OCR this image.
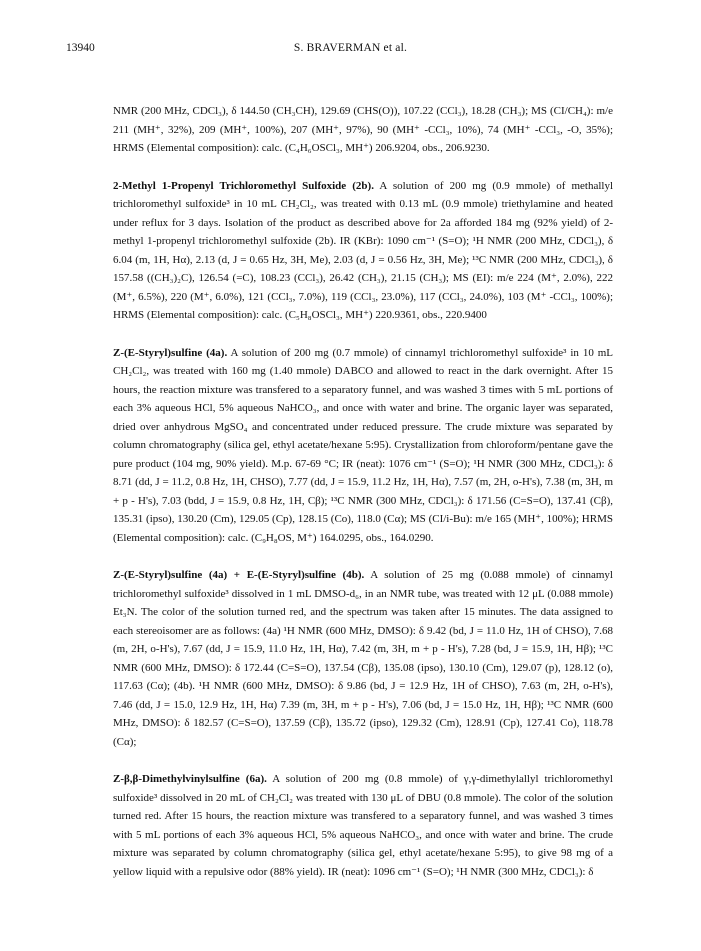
13940	S. BRAVERMAN et al.

NMR (200 MHz, CDCl₃), δ 144.50 (CH₃CH), 129.69 (CHS(O)), 107.22 (CCl₃), 18.28 (CH₃); MS (CI/CH₄): m/e 211 (MH⁺, 32%), 209 (MH⁺, 100%), 207 (MH⁺, 97%), 90 (MH⁺ -CCl₃, 10%), 74 (MH⁺ -CCl₃, -O, 35%); HRMS (Elemental composition): calc. (C₄H₆OSCl₃, MH⁺) 206.9204, obs., 206.9230.

2-Methyl 1-Propenyl Trichloromethyl Sulfoxide (2b). A solution of 200 mg (0.9 mmole) of methallyl trichloromethyl sulfoxide³ in 10 mL CH₂Cl₂, was treated with 0.13 mL (0.9 mmole) triethylamine and heated under reflux for 3 days. Isolation of the product as described above for 2a afforded 184 mg (92% yield) of 2-methyl 1-propenyl trichloromethyl sulfoxide (2b). IR (KBr): 1090 cm⁻¹ (S=O); ¹H NMR (200 MHz, CDCl₃), δ 6.04 (m, 1H, Hα), 2.13 (d, J = 0.65 Hz, 3H, Me), 2.03 (d, J = 0.56 Hz, 3H, Me); ¹³C NMR (200 MHz, CDCl₃), δ 157.58 ((CH₃)₂C), 126.54 (=C), 108.23 (CCl₃), 26.42 (CH₃), 21.15 (CH₃); MS (EI): m/e 224 (M⁺, 2.0%), 222 (M⁺, 6.5%), 220 (M⁺, 6.0%), 121 (CCl₃, 7.0%), 119 (CCl₃, 23.0%), 117 (CCl₃, 24.0%), 103 (M⁺ -CCl₃, 100%); HRMS (Elemental composition): calc. (C₅H₈OSCl₃, MH⁺) 220.9361, obs., 220.9400

Z-(E-Styryl)sulfine (4a). A solution of 200 mg (0.7 mmole) of cinnamyl trichloromethyl sulfoxide³ in 10 mL CH₂Cl₂, was treated with 160 mg (1.40 mmole) DABCO and allowed to react in the dark overnight. After 15 hours, the reaction mixture was transfered to a separatory funnel, and was washed 3 times with 5 mL portions of each 3% aqueous HCl, 5% aqueous NaHCO₃, and once with water and brine. The organic layer was separated, dried over anhydrous MgSO₄ and concentrated under reduced pressure. The crude mixture was separated by column chromatography (silica gel, ethyl acetate/hexane 5:95). Crystallization from chloroform/pentane gave the pure product (104 mg, 90% yield). M.p. 67-69 °C; IR (neat): 1076 cm⁻¹ (S=O); ¹H NMR (300 MHz, CDCl₃): δ 8.71 (dd, J = 11.2, 0.8 Hz, 1H, CHSO), 7.77 (dd, J = 15.9, 11.2 Hz, 1H, Hα), 7.57 (m, 2H, o-H's), 7.38 (m, 3H, m + p - H's), 7.03 (bdd, J = 15.9, 0.8 Hz, 1H, Cβ); ¹³C NMR (300 MHz, CDCl₃): δ 171.56 (C=S=O), 137.41 (Cβ), 135.31 (ipso), 130.20 (Cm), 129.05 (Cp), 128.15 (Co), 118.0 (Cα); MS (CI/i-Bu): m/e 165 (MH⁺, 100%); HRMS (Elemental composition): calc. (C₉H₈OS, M⁺) 164.0295, obs., 164.0290.

Z-(E-Styryl)sulfine (4a) + E-(E-Styryl)sulfine (4b). A solution of 25 mg (0.088 mmole) of cinnamyl trichloromethyl sulfoxide³ dissolved in 1 mL DMSO-d₆, in an NMR tube, was treated with 12 μL (0.088 mmole) Et₃N. The color of the solution turned red, and the spectrum was taken after 15 minutes. The data assigned to each stereoisomer are as follows: (4a) ¹H NMR (600 MHz, DMSO): δ 9.42 (bd, J = 11.0 Hz, 1H of CHSO), 7.68 (m, 2H, o-H's), 7.67 (dd, J = 15.9, 11.0 Hz, 1H, Hα), 7.42 (m, 3H, m + p - H's), 7.28 (bd, J = 15.9, 1H, Hβ); ¹³C NMR (600 MHz, DMSO): δ 172.44 (C=S=O), 137.54 (Cβ), 135.08 (ipso), 130.10 (Cm), 129.07 (p), 128.12 (o), 117.63 (Cα); (4b). ¹H NMR (600 MHz, DMSO): δ 9.86 (bd, J = 12.9 Hz, 1H of CHSO), 7.63 (m, 2H, o-H's), 7.46 (dd, J = 15.0, 12.9 Hz, 1H, Hα) 7.39 (m, 3H, m + p - H's), 7.06 (bd, J = 15.0 Hz, 1H, Hβ); ¹³C NMR (600 MHz, DMSO): δ 182.57 (C=S=O), 137.59 (Cβ), 135.72 (ipso), 129.32 (Cm), 128.91 (Cp), 127.41 Co), 118.78 (Cα);

Z-β,β-Dimethylvinylsulfine (6a). A solution of 200 mg (0.8 mmole) of γ,γ-dimethylallyl trichloromethyl sulfoxide³ dissolved in 20 mL of CH₂Cl₂ was treated with 130 μL of DBU (0.8 mmole). The color of the solution turned red. After 15 hours, the reaction mixture was transfered to a separatory funnel, and was washed 3 times with 5 mL portions of each 3% aqueous HCl, 5% aqueous NaHCO₃, and once with water and brine. The crude mixture was separated by column chromatography (silica gel, ethyl acetate/hexane 5:95), to give 98 mg of a yellow liquid with a repulsive odor (88% yield). IR (neat): 1096 cm⁻¹ (S=O); ¹H NMR (300 MHz, CDCl₃): δ
